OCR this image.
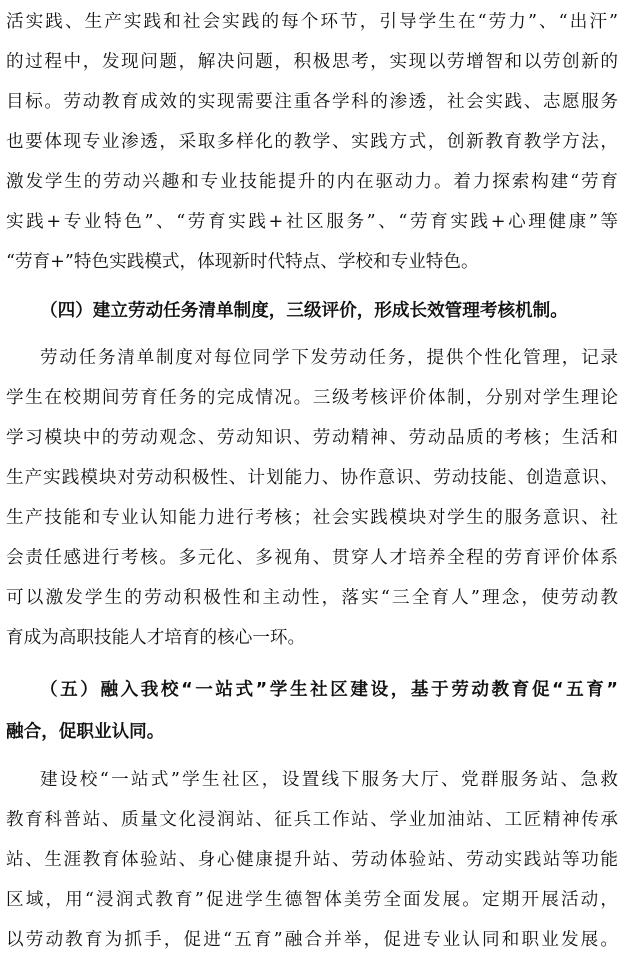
活实践、生产实践和社会实践的每个环节，引导学生在“劳力”、“出汗”
的过程中，发现问题，解决问题，积极思考，实现以劳增智和以劳创新的
目标。劳动教育成效的实现需要注重各学科的渗透，社会实践、志愿服务
也要体现专业渗透，采取多样化的教学、实践方式，创新教育教学方法，
激发学生的劳动兴趣和专业技能提升的内在驱动力。着力探索构建“劳育
实践+专业特色”、“劳育实践+社区服务”、“劳育实践+心理健康”等
“劳育+”特色实践模式，体现新时代特点、学校和专业特色。
（四）建立劳动任务清单制度，三级评价，形成长效管理考核机制。
劳动任务清单制度对每位同学下发劳动任务，提供个性化管理，记录
学生在校期间劳育任务的完成情况。三级考核评价体制，分别对学生理论
学习模块中的劳动观念、劳动知识、劳动精神、劳动品质的考核；生活和
生产实践模块对劳动积极性、计划能力、协作意识、劳动技能、创造意识、
生产技能和专业认知能力进行考核；社会实践模块对学生的服务意识、社
会责任感进行考核。多元化、多视角、贯穿人才培养全程的劳育评价体系
可以激发学生的劳动积极性和主动性，落实“三全育人”理念，使劳动教
育成为高职技能人才培育的核心一环。
（五）融入我校“一站式”学生社区建设，基于劳动教育促“五育”
融合，促职业认同。
建设校“一站式”学生社区，设置线下服务大厅、党群服务站、急救
教育科普站、质量文化浸润站、征兵工作站、学业加油站、工匠精神传承
站、生涯教育体验站、身心健康提升站、劳动体验站、劳动实践站等功能
区域，用“浸润式教育”促进学生德智体美劳全面发展。定期开展活动，
以劳动教育为抓手，促进“五育”融合并举，促进专业认同和职业发展。
